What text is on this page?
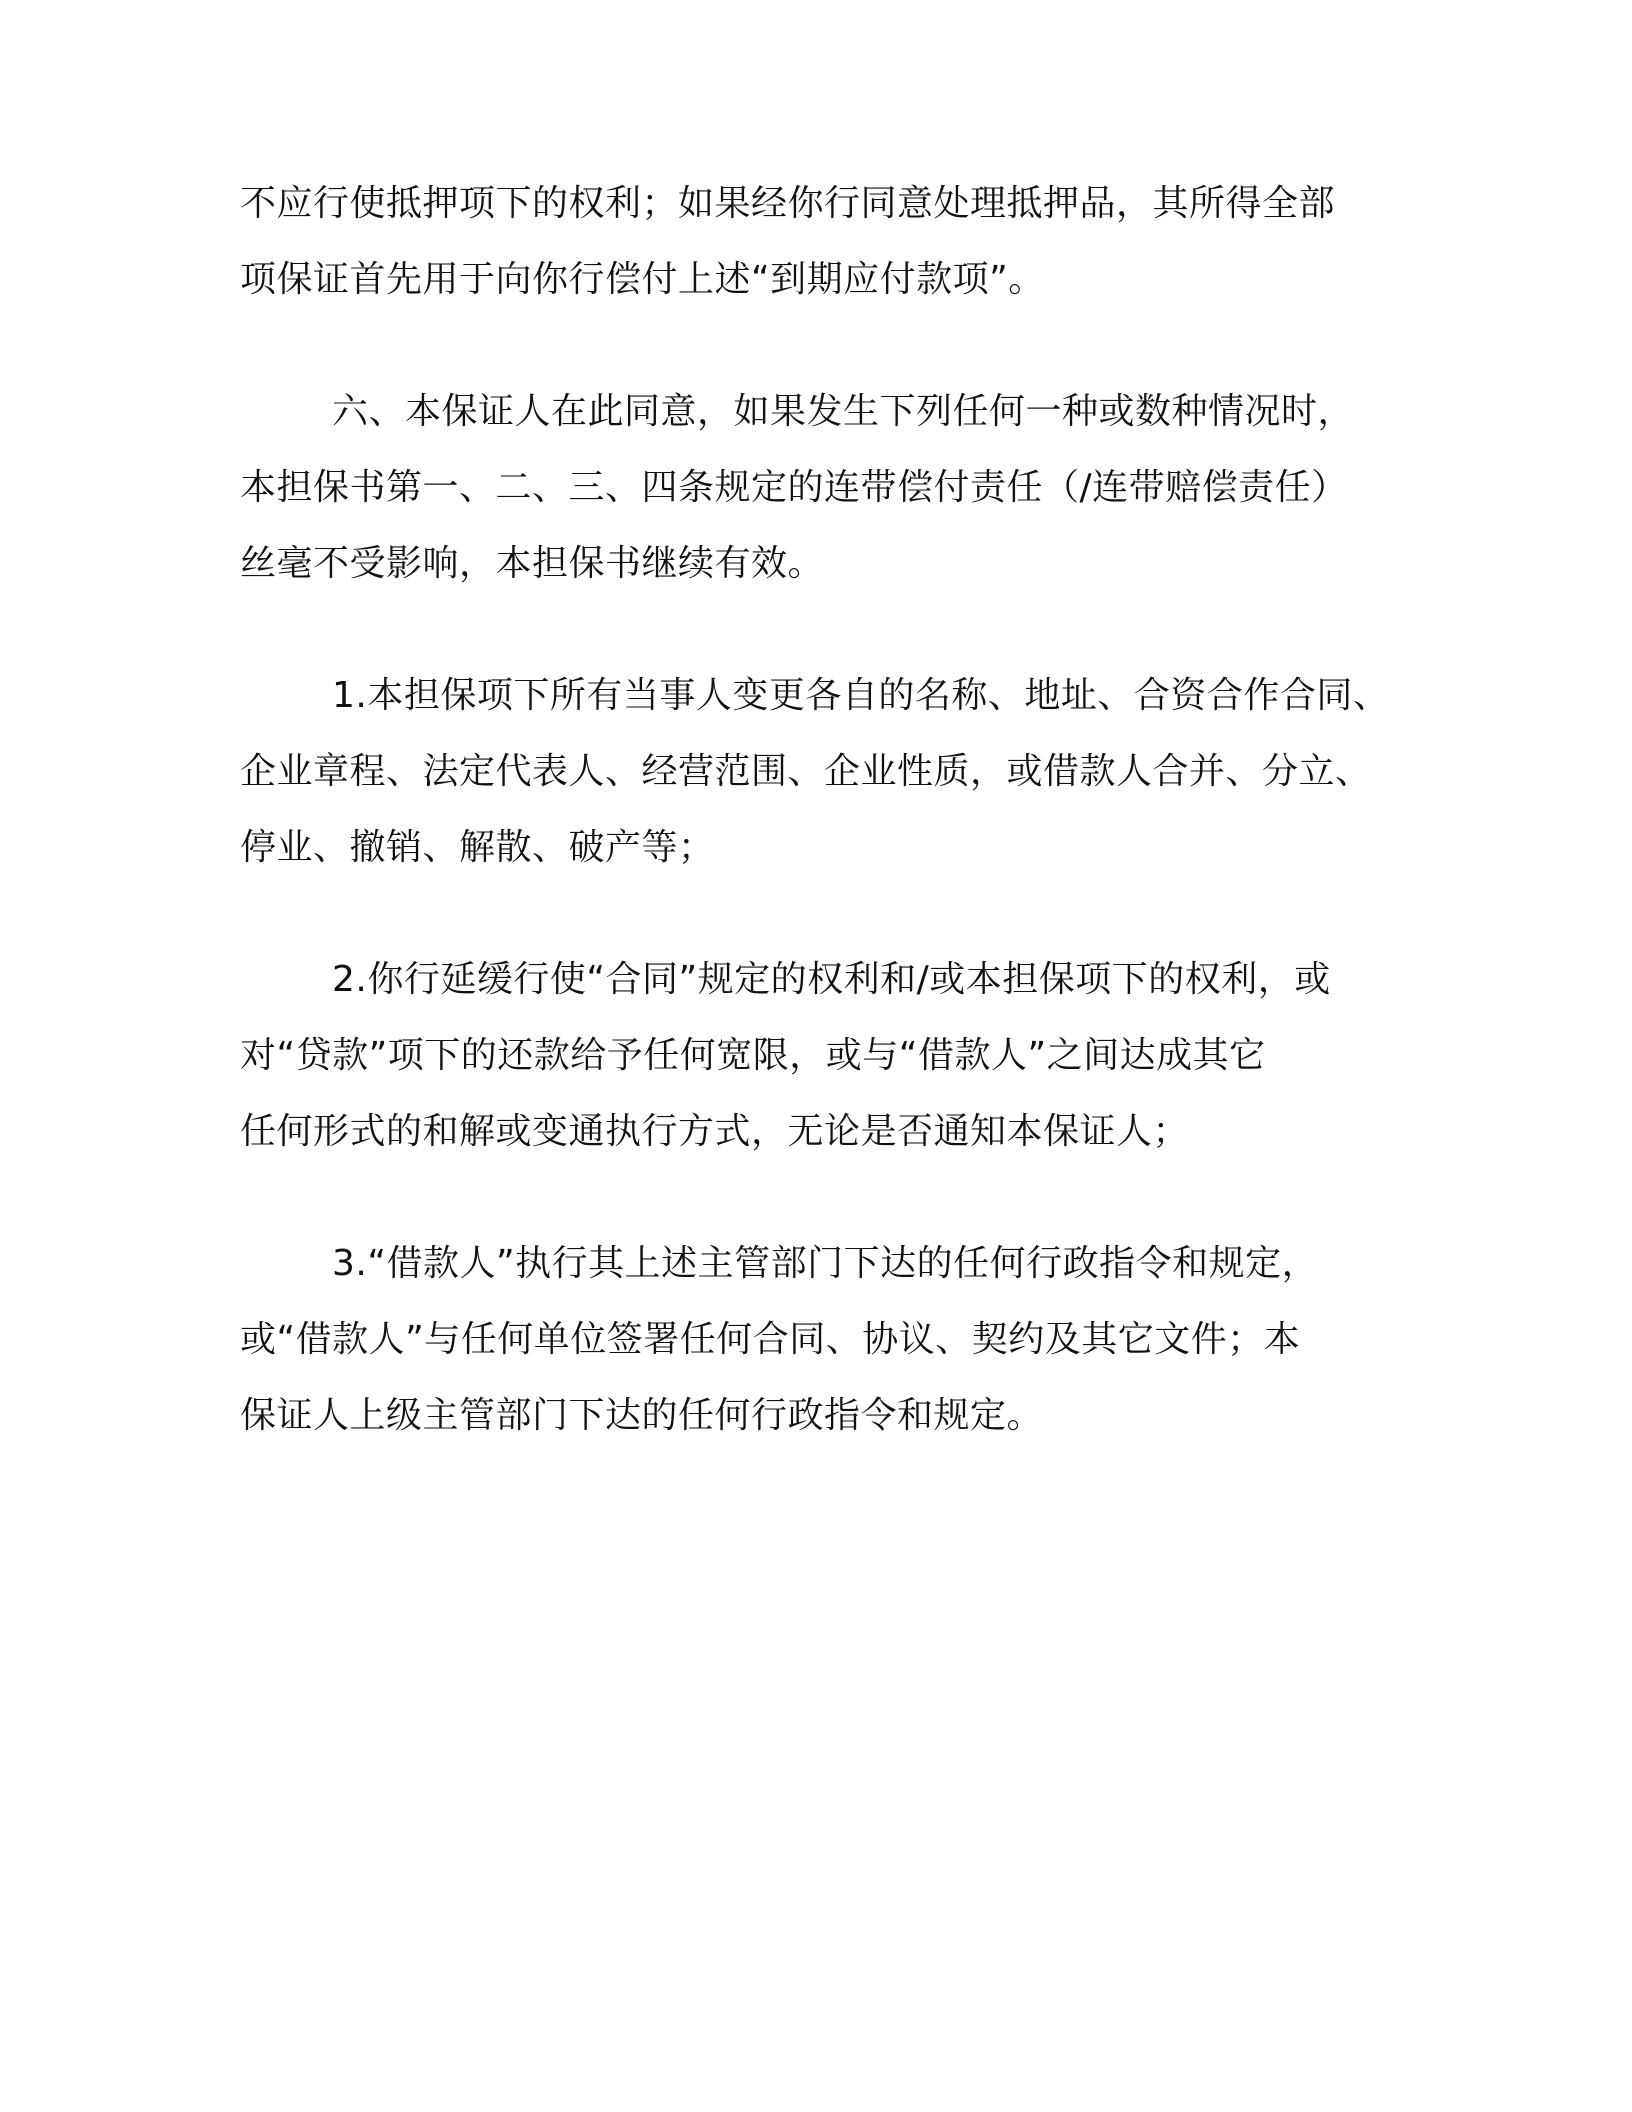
不应行使抵押项下的权利；如果经你行同意处理抵押品，其所得全部
项保证首先用于向你行偿付上述“到期应付款项”。
六、本保证人在此同意，如果发生下列任何一种或数种情况时，
本担保书第一、二、三、四条规定的连带偿付责任（/连带赔偿责任）
丝毫不受影响，本担保书继续有效。
1.本担保项下所有当事人变更各自的名称、地址、合资合作合同、
企业章程、法定代表人、经营范围、企业性质，或借款人合并、分立、
停业、撤销、解散、破产等；
2.你行延缓行使“合同”规定的权利和/或本担保项下的权利，或
对“贷款”项下的还款给予任何宽限，或与“借款人”之间达成其它
任何形式的和解或变通执行方式，无论是否通知本保证人；
3.“借款人”执行其上述主管部门下达的任何行政指令和规定，
或“借款人”与任何单位签署任何合同、协议、契约及其它文件；本
保证人上级主管部门下达的任何行政指令和规定。
